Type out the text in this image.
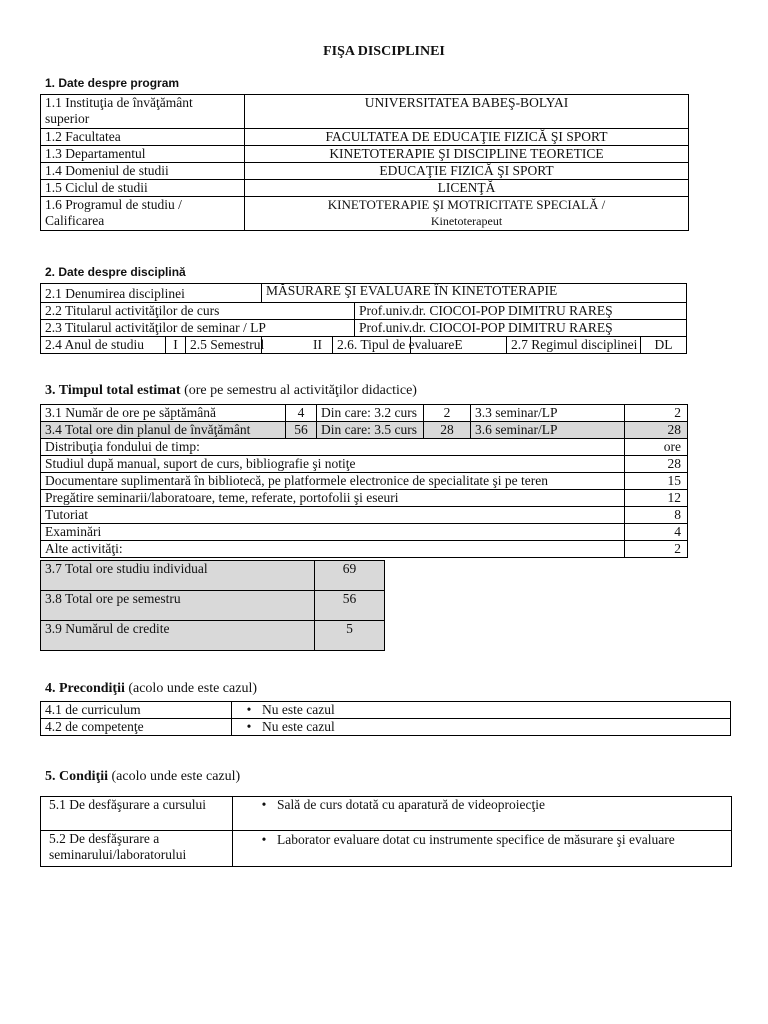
FIŞA DISCIPLINEI
1. Date despre program
1.1 Instituţia de învăţământ superior	UNIVERSITATEA BABEŞ-BOLYAI
1.2 Facultatea	FACULTATEA DE EDUCAŢIE FIZICĂ ŞI SPORT
1.3 Departamentul	KINETOTERAPIE ŞI DISCIPLINE TEORETICE
1.4 Domeniul de studii	EDUCAŢIE FIZICĂ ŞI SPORT
1.5 Ciclul de studii	LICENŢĂ
1.6 Programul de studiu / Calificarea	KINETOTERAPIE ŞI MOTRICITATE SPECIALĂ /
Kinetoterapeut
2. Date despre disciplină
2.1 Denumirea disciplinei			MĂSURARE ŞI EVALUARE ÎN KINETOTERAPIE					
2.2 Titularul activităţilor de curs					Prof.univ.dr. CIOCOI-POP DIMITRU RAREŞ			
2.3 Titularul activităţilor de seminar / LP					Prof.univ.dr. CIOCOI-POP DIMITRU RAREŞ			
2.4 Anul de studiu	I	2.5 Semestrul	II	2.6. Tipul de evaluare		E	2.7 Regimul disciplinei	DL
3. Timpul total estimat (ore pe semestru al activităţilor didactice)
3.1 Număr de ore pe săptămână	4	Din care: 3.2 curs	2	3.3 seminar/LP	2
3.4 Total ore din planul de învăţământ	56	Din care: 3.5 curs	28	3.6 seminar/LP	28
Distribuţia fondului de timp:					ore
Studiul după manual, suport de curs, bibliografie şi notiţe					28
Documentare suplimentară în bibliotecă, pe platformele electronice de specialitate şi pe teren					15
Pregătire seminarii/laboratoare, teme, referate, portofolii şi eseuri					12
Tutoriat					8
Examinări					4
Alte activităţi:					2
3.7 Total ore studiu individual	69
3.8 Total ore pe semestru	56
3.9 Numărul de credite	5
4. Precondiţii (acolo unde este cazul)
4.1 de curriculum	• Nu este cazul
4.2 de competenţe	• Nu este cazul
5. Condiţii (acolo unde este cazul)
5.1 De desfăşurare a cursului	• Sală de curs dotată cu aparatură de videoproiecţie
5.2 De desfăşurare a seminarului/laboratorului	• Laborator evaluare dotat cu instrumente specifice de măsurare şi evaluare
